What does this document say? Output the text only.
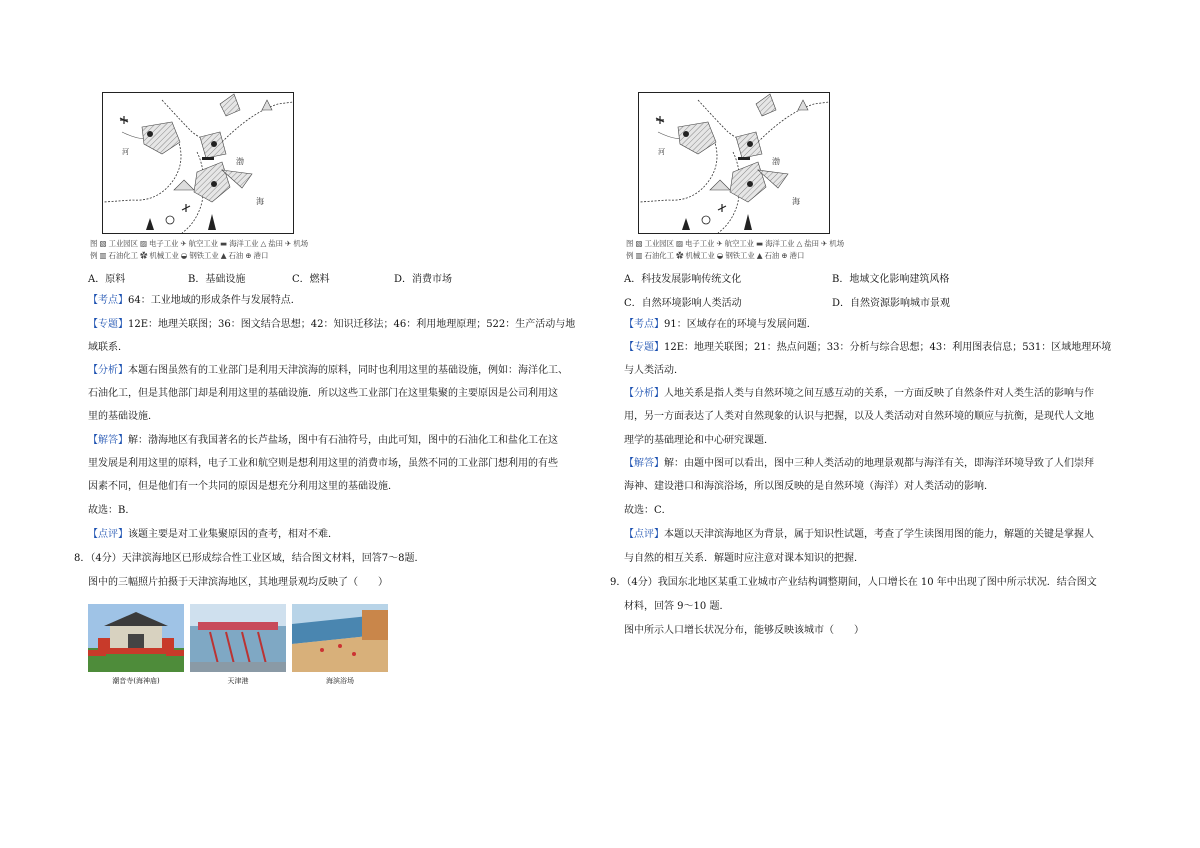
图 ▧ 工业园区 ▨ 电子工业 ✈ 航空工业 ▬ 海洋工业 △ 盐田 ✈ 机场
例 ▥ 石油化工 ✿ 机械工业 ◒ 钢铁工业 ▲ 石油 ⊕ 港口
A．原料	B．基础设施	C．燃料	D．消费市场
【考点】64：工业地域的形成条件与发展特点．
【专题】12E：地理关联图；36：图文结合思想；42：知识迁移法；46：利用地理原理；522：生产活动与地
域联系．
【分析】本题右图虽然有的工业部门是利用天津滨海的原料，同时也利用这里的基础设施，例如：海洋化工、
石油化工，但是其他部门却是利用这里的基础设施．所以这些工业部门在这里集聚的主要原因是公司利用这
里的基础设施．
【解答】解：渤海地区有我国著名的长芦盐场，图中有石油符号，由此可知，图中的石油化工和盐化工在这
里发展是利用这里的原料，电子工业和航空则是想利用这里的消费市场，虽然不同的工业部门想利用的有些
因素不同，但是他们有一个共同的原因是想充分利用这里的基础设施．
故选：B．
【点评】该题主要是对工业集聚原因的查考，相对不难．
8．（4分）天津滨海地区已形成综合性工业区域，结合图文材料，回答7～8题．
图中的三幅照片拍摄于天津滨海地区，其地理景观均反映了（　　）
潮音寺(海神庙)	天津港	海滨浴场
图 ▧ 工业园区 ▨ 电子工业 ✈ 航空工业 ▬ 海洋工业 △ 盐田 ✈ 机场
例 ▥ 石油化工 ✿ 机械工业 ◒ 钢铁工业 ▲ 石油 ⊕ 港口
A．科技发展影响传统文化	B．地域文化影响建筑风格
C．自然环境影响人类活动	D．自然资源影响城市景观
【考点】91：区域存在的环境与发展问题．
【专题】12E：地理关联图；21：热点问题；33：分析与综合思想；43：利用图表信息；531：区域地理环境
与人类活动．
【分析】人地关系是指人类与自然环境之间互感互动的关系，一方面反映了自然条件对人类生活的影响与作
用，另一方面表达了人类对自然现象的认识与把握，以及人类活动对自然环境的顺应与抗衡，是现代人文地
理学的基础理论和中心研究课题．
【解答】解：由题中图可以看出，图中三种人类活动的地理景观都与海洋有关，即海洋环境导致了人们崇拜
海神、建设港口和海滨浴场，所以图反映的是自然环境（海洋）对人类活动的影响．
故选：C．
【点评】本题以天津滨海地区为背景，属于知识性试题，考查了学生读图用图的能力，解题的关键是掌握人
与自然的相互关系．解题时应注意对课本知识的把握．
9．（4分）我国东北地区某重工业城市产业结构调整期间，人口增长在 10 年中出现了图中所示状况．结合图文
材料，回答 9～10 题．
图中所示人口增长状况分布，能够反映该城市（　　）
